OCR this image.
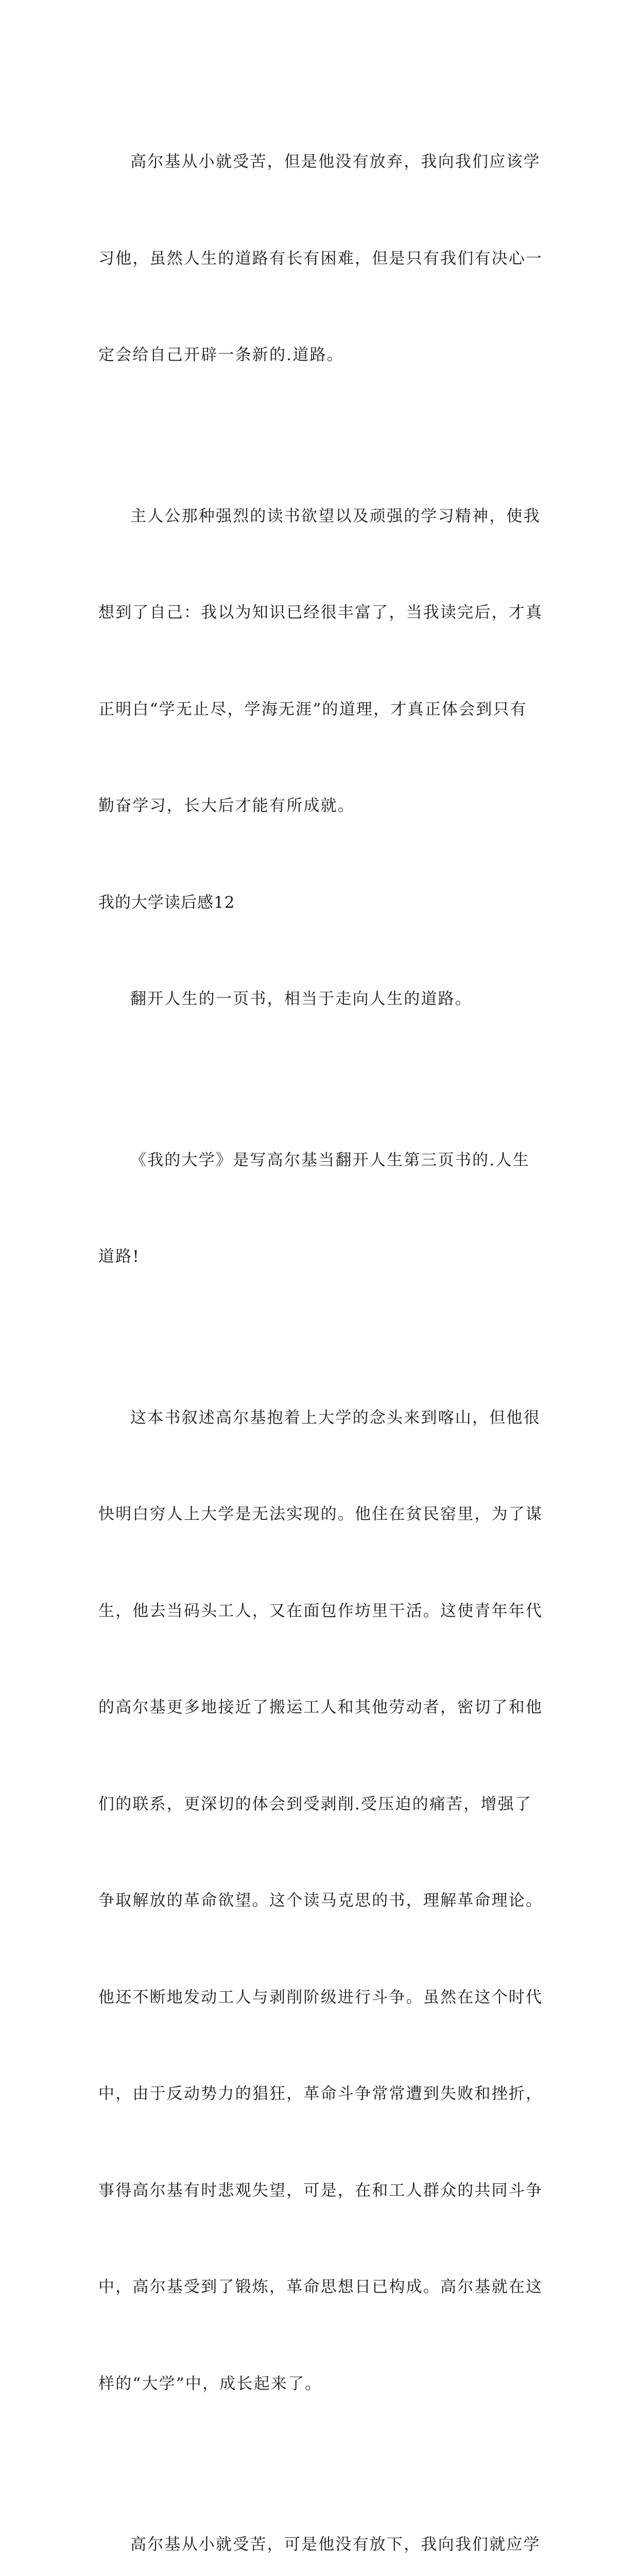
高尔基从小就受苦，但是他没有放弃，我向我们应该学

习他，虽然人生的道路有长有困难，但是只有我们有决心一

定会给自己开辟一条新的.道路。

主人公那种强烈的读书欲望以及顽强的学习精神，使我

想到了自己：我以为知识已经很丰富了，当我读完后，才真

正明白“学无止尽，学海无涯”的道理，才真正体会到只有

勤奋学习，长大后才能有所成就。

我的大学读后感12

翻开人生的一页书，相当于走向人生的道路。

《我的大学》是写高尔基当翻开人生第三页书的.人生

道路!

这本书叙述高尔基抱着上大学的念头来到喀山，但他很

快明白穷人上大学是无法实现的。他住在贫民窑里，为了谋

生，他去当码头工人，又在面包作坊里干活。这使青年年代

的高尔基更多地接近了搬运工人和其他劳动者，密切了和他

们的联系，更深切的体会到受剥削.受压迫的痛苦，增强了

争取解放的革命欲望。这个读马克思的书，理解革命理论。

他还不断地发动工人与剥削阶级进行斗争。虽然在这个时代

中，由于反动势力的猖狂，革命斗争常常遭到失败和挫折，

事得高尔基有时悲观失望，可是，在和工人群众的共同斗争

中，高尔基受到了锻炼，革命思想日已构成。高尔基就在这

样的“大学”中，成长起来了。

高尔基从小就受苦，可是他没有放下，我向我们就应学
